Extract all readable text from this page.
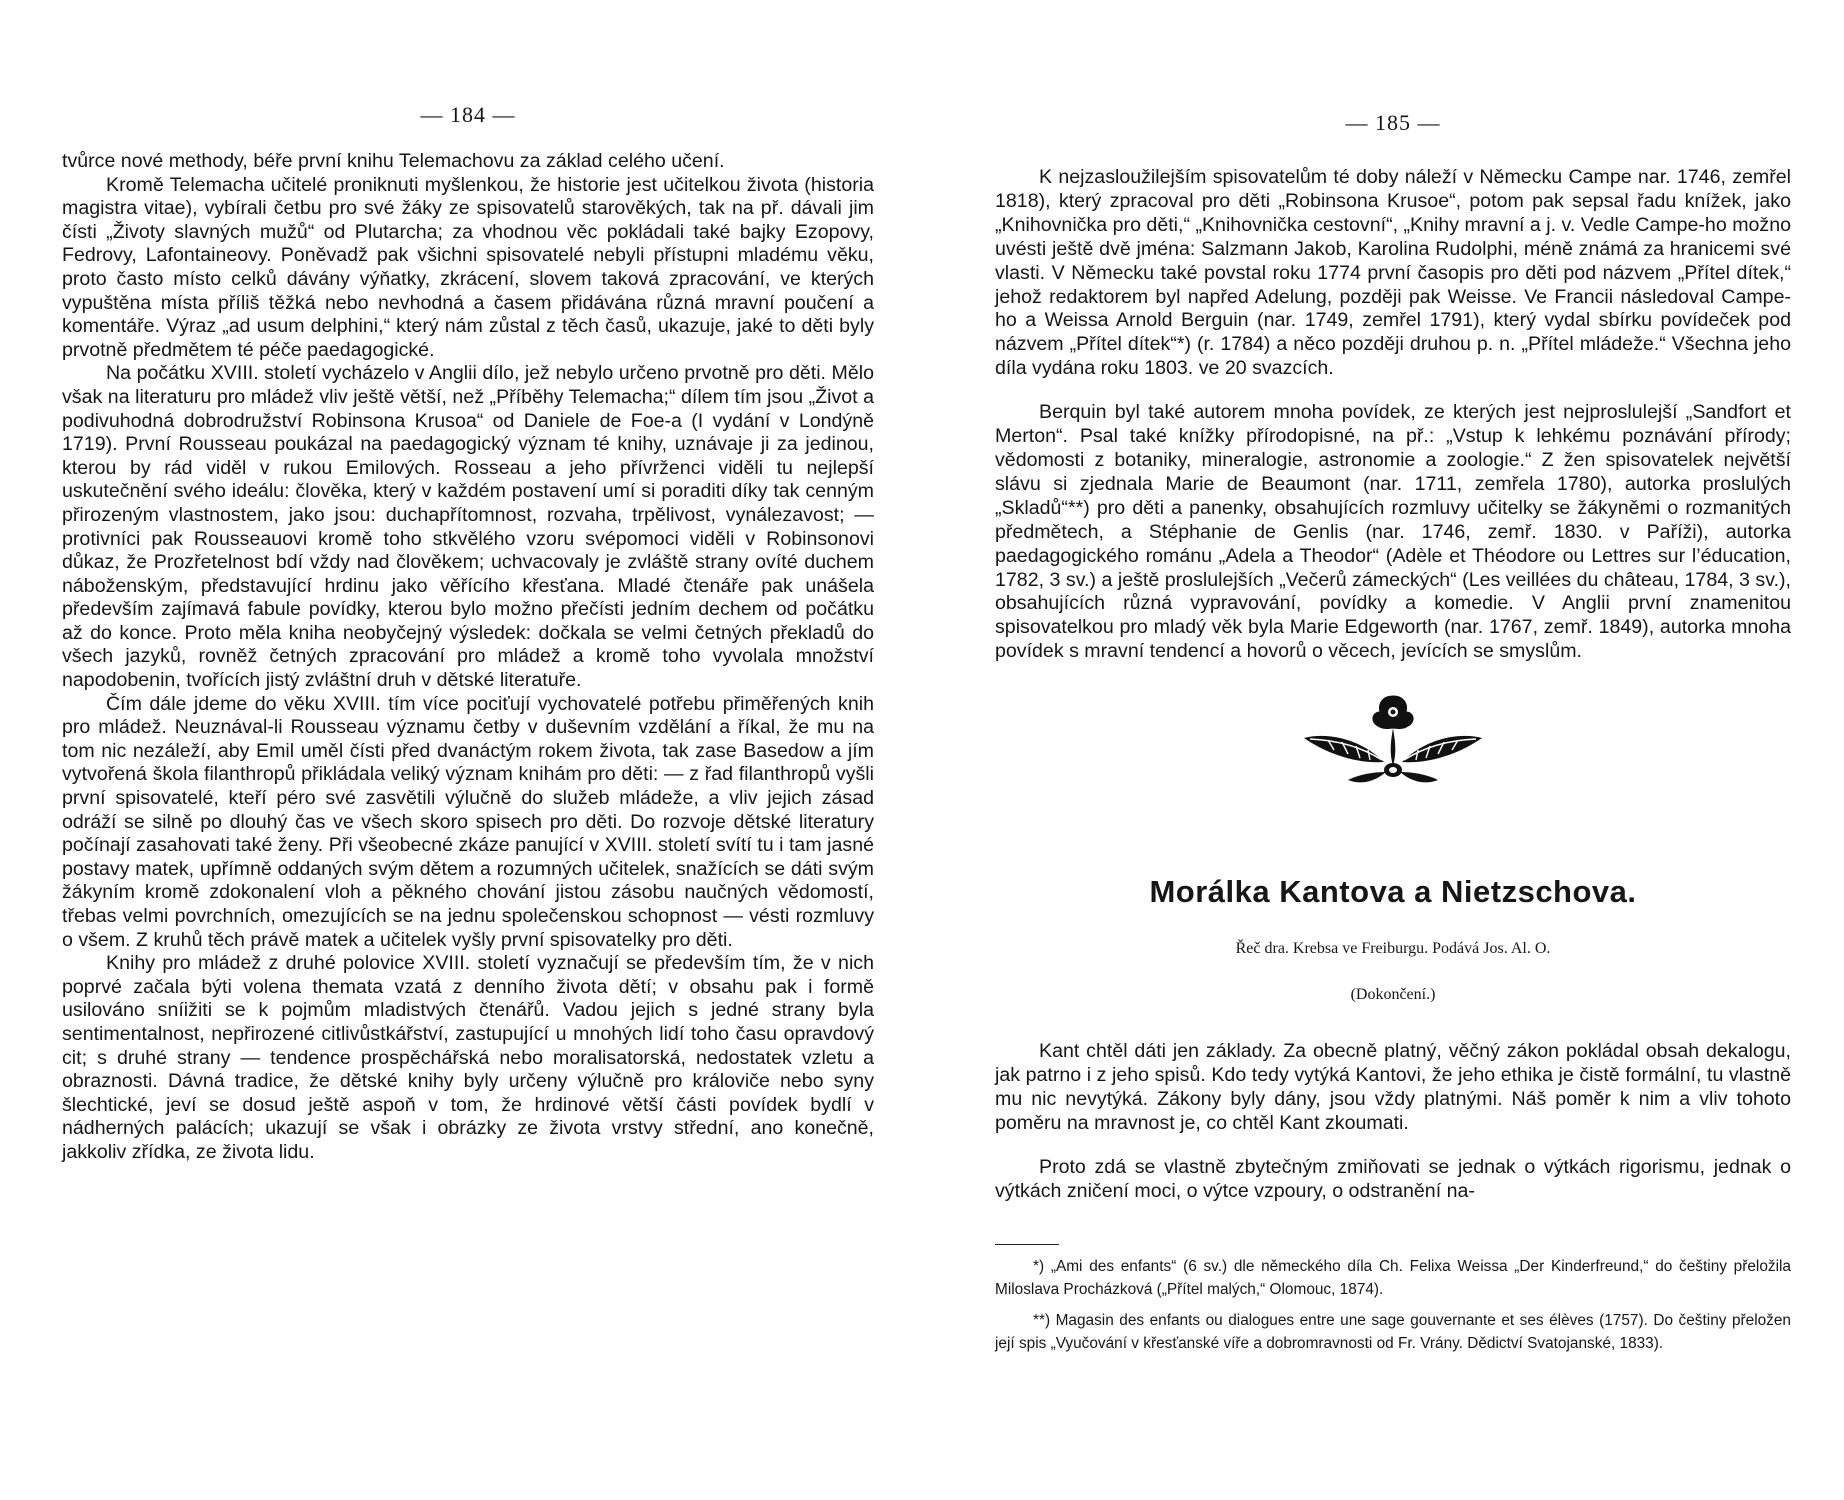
— 184 —

tvůrce nové methody, béře první knihu Telemachovu za základ celého učení.

Kromě Telemacha učitelé proniknuti myšlenkou, že historie jest učitelkou života (historia magistra vitae), vybírali četbu pro své žáky ze spisovatelů starověkých, tak na př. dávali jim čísti „Životy slavných mužů“ od Plutarcha; za vhodnou věc pokládali také bajky Ezopovy, Fedrovy, Lafontaineovy. Poněvadž pak všichni spisovatelé nebyli přístupni mladému věku, proto často místo celků dávány výňatky, zkrácení, slovem taková zpracování, ve kterých vypuštěna místa příliš těžká nebo nevhodná a časem přidávána různá mravní poučení a komentáře. Výraz „ad usum delphini,“ který nám zůstal z těch časů, ukazuje, jaké to děti byly prvotně předmětem té péče paedagogické.

Na počátku XVIII. století vycházelo v Anglii dílo, jež nebylo určeno prvotně pro děti. Mělo však na literaturu pro mládež vliv ještě větší, než „Příběhy Telemacha;“ dílem tím jsou „Život a podivuhodná dobrodružství Robinsona Krusoa“ od Daniele de Foe-a (I vydání v Londýně 1719). První Rousseau poukázal na paedagogický význam té knihy, uznávaje ji za jedinou, kterou by rád viděl v rukou Emilových. Rosseau a jeho přívrženci viděli tu nejlepší uskutečnění svého ideálu: člověka, který v každém postavení umí si poraditi díky tak cenným přirozeným vlastnostem, jako jsou: duchapřítomnost, rozvaha, trpělivost, vynálezavost; — protivníci pak Rousseauovi kromě toho stkvělého vzoru svépomoci viděli v Robinsonovi důkaz, že Prozřetelnost bdí vždy nad člověkem; uchvacovaly je zvláště strany ovíté duchem náboženským, představující hrdinu jako věřícího křesťana. Mladé čtenáře pak unášela především zajímavá fabule povídky, kterou bylo možno přečísti jedním dechem od počátku až do konce. Proto měla kniha neobyčejný výsledek: dočkala se velmi četných překladů do všech jazyků, rovněž četných zpracování pro mládež a kromě toho vyvolala množství napodobenin, tvořících jistý zvláštní druh v dětské literatuře.

Čím dále jdeme do věku XVIII. tím více pociťují vychovatelé potřebu přiměřených knih pro mládež. Neuznával-li Rousseau významu četby v duševním vzdělání a říkal, že mu na tom nic nezáleží, aby Emil uměl čísti před dvanáctým rokem života, tak zase Basedow a jím vytvořená škola filanthropů přikládala veliký význam knihám pro děti: — z řad filanthropů vyšli první spisovatelé, kteří péro své zasvětili výlučně do služeb mládeže, a vliv jejich zásad odráží se silně po dlouhý čas ve všech skoro spisech pro děti. Do rozvoje dětské literatury počínají zasahovati také ženy. Při všeobecné zkáze panující v XVIII. století svítí tu i tam jasné postavy matek, upřímně oddaných svým dětem a rozumných učitelek, snažících se dáti svým žákyním kromě zdokonalení vloh a pěkného chování jistou zásobu naučných vědomostí, třebas velmi povrchních, omezujících se na jednu společenskou schopnost — vésti rozmluvy o všem. Z kruhů těch právě matek a učitelek vyšly první spisovatelky pro děti.

Knihy pro mládež z druhé polovice XVIII. století vyznačují se především tím, že v nich poprvé začala býti volena themata vzatá z denního života dětí; v obsahu pak i formě usilováno sníižiti se k pojmům mladistvých čtenářů. Vadou jejich s jedné strany byla sentimentalnost, nepřirozené citlivůstkářství, zastupující u mnohých lidí toho času opravdový cit; s druhé strany — tendence prospěchářská nebo moralisatorská, nedostatek vzletu a obraznosti. Dávná tradice, že dětské knihy byly určeny výlučně pro královiče nebo syny šlechtické, jeví se dosud ještě aspoň v tom, že hrdinové větší části povídek bydlí v nádherných palácích; ukazují se však i obrázky ze života vrstvy střední, ano konečně, jakkoliv zřídka, ze života lidu.

— 185 —

K nejzasloužilejším spisovatelům té doby náleží v Německu Campe nar. 1746, zemřel 1818), který zpracoval pro děti „Robinsona Krusoe“, potom pak sepsal řadu knížek, jako „Knihovnička pro děti,“ „Knihovnička cestovní“, „Knihy mravní a j. v. Vedle Campe-ho možno uvésti ještě dvě jména: Salzmann Jakob, Karolina Rudolphi, méně známá za hranicemi své vlasti. V Německu také povstal roku 1774 první časopis pro děti pod názvem „Přítel dítek,“ jehož redaktorem byl napřed Adelung, později pak Weisse. Ve Francii následoval Campe-ho a Weissa Arnold Berguin (nar. 1749, zemřel 1791), který vydal sbírku povídeček pod názvem „Přítel dítek“*) (r. 1784) a něco později druhou p. n. „Přítel mládeže.“ Všechna jeho díla vydána roku 1803. ve 20 svazcích.

Berquin byl také autorem mnoha povídek, ze kterých jest nejproslulejší „Sandfort et Merton“. Psal také knížky přírodopisné, na př.: „Vstup k lehkému poznávání přírody; vědomosti z botaniky, mineralogie, astronomie a zoologie.“ Z žen spisovatelek největší slávu si zjednala Marie de Beaumont (nar. 1711, zemřela 1780), autorka proslulých „Skladů“**) pro děti a panenky, obsahujících rozmluvy učitelky se žákyněmi o rozmanitých předmětech, a Stéphanie de Genlis (nar. 1746, zemř. 1830. v Paříži), autorka paedagogického románu „Adela a Theodor“ (Adèle et Théodore ou Lettres sur l’éducation, 1782, 3 sv.) a ještě proslulejších „Večerů zámeckých“ (Les veillées du château, 1784, 3 sv.), obsahujících různá vypravování, povídky a komedie. V Anglii první znamenitou spisovatelkou pro mladý věk byla Marie Edgeworth (nar. 1767, zemř. 1849), autorka mnoha povídek s mravní tendencí a hovorů o věcech, jevících se smyslům.

Morálka Kantova a Nietzschova.
Řeč dra. Krebsa ve Freiburgu. Podává Jos. Al. O.
(Dokončení.)

Kant chtěl dáti jen základy. Za obecně platný, věčný zákon pokládal obsah dekalogu, jak patrno i z jeho spisů. Kdo tedy vytýká Kantovi, že jeho ethika je čistě formální, tu vlastně mu nic nevytýká. Zákony byly dány, jsou vždy platnými. Náš poměr k nim a vliv tohoto poměru na mravnost je, co chtěl Kant zkoumati.

Proto zdá se vlastně zbytečným zmiňovati se jednak o výtkách rigorismu, jednak o výtkách zničení moci, o výtce vzpoury, o odstranění na-

*) „Ami des enfants“ (6 sv.) dle německého díla Ch. Felixa Weissa „Der Kinderfreund,“ do češtiny přeložila Miloslava Procházková („Přítel malých,“ Olomouc, 1874).

**) Magasin des enfants ou dialogues entre une sage gouvernante et ses élèves (1757). Do češtiny přeložen její spis „Vyučování v křesťanské víře a dobromravnosti od Fr. Vrány. Dědictví Svatojanské, 1833).
